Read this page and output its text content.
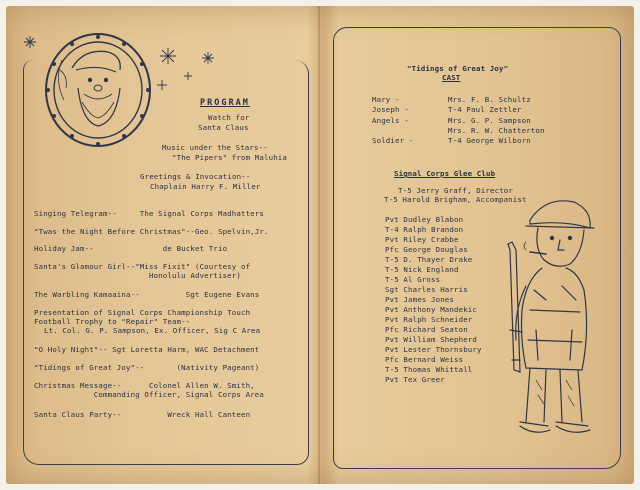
PROGRAM
Watch for
Santa Claus
Music under the Stars--
"The Pipers" from Maluhia
Greetings & Invocation--
Chaplain Harry F. Miller
Singing Telegram--     The Signal Corps Madhatters
"Twas the Night Before Christmas"--Geo. Spelvin,Jr.
Holiday Jam--               de Bucket Trio
Santa's Glamour Girl--"Miss Fixit" (Courtesy of
Honolulu Advertiser)
The Warbling Kamaaina--          Sgt Eugene Evans
Presentation of Signal Corps Championship Touch
Football Trophy to "Repair" Team--
Lt. Col. G. P. Sampson, Ex. Officer, Sig C Area
"O Holy Night"-- Sgt Loretta Harm, WAC Detachment
"Tidings of Great Joy"--       (Nativity Pageant)
Christmas Message--      Colonel Allen W. Smith,
Commanding Officer, Signal Corps Area
Santa Claus Party--          Wreck Hall Canteen
"Tidings of Great Joy"
CAST
Mary -	Mrs. F. B. Schultz
Joseph -	T-4 Paul Zettler
Angels -	Mrs. G. P. Sampson
Mrs. R. W. Chatterton
Soldier -	T-4 George Wilborn
Signal Corps Glee Club
T-5 Jerry Graff, Director
T-5 Harold Brigham, Accompanist
Pvt Dudley Blabon
T-4 Ralph Brandon
Pvt Riley Crabbe
Pfc George Douglas
T-5 D. Thayer Drake
T-5 Nick England
T-5 Al Gross
Sgt Charles Harris
Pvt James Jones
Pvt Anthony Mandekic
Pvt Ralph Schneider
Pfc Richard Seaton
Pvt William Shepherd
Pvt Lester Thornsbury
Pfc Bernard Weiss
T-5 Thomas Whittall
Pvt Tex Greer
